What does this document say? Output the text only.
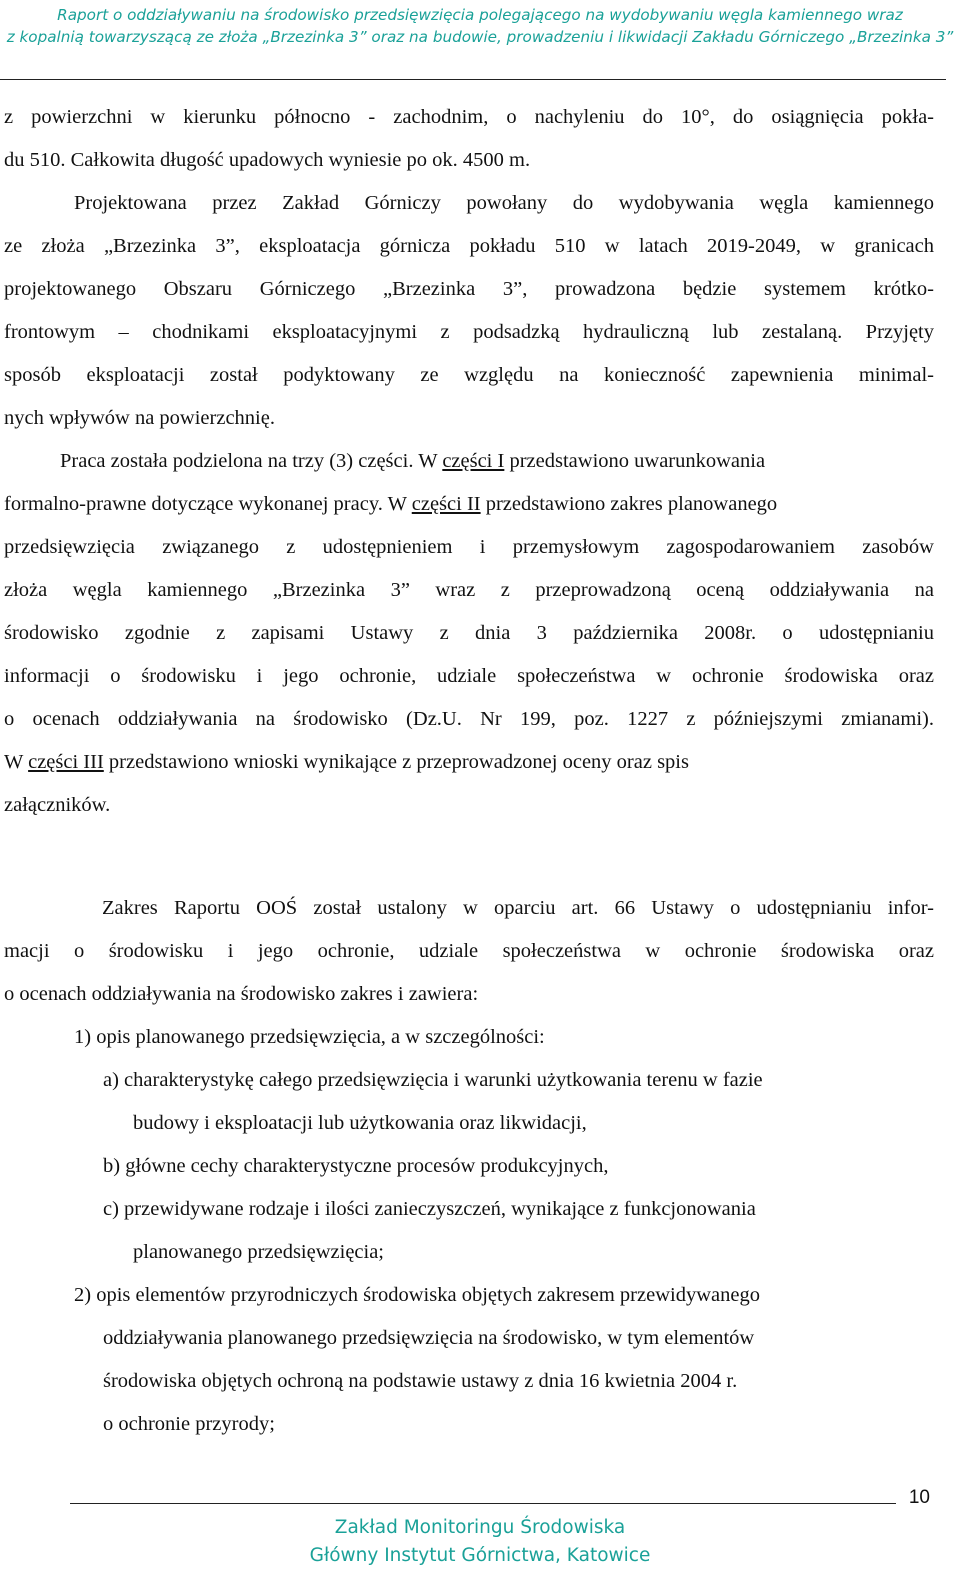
Raport o oddziaływaniu na środowisko przedsięwzięcia polegającego na wydobywaniu węgla kamiennego wraz
z kopalnią towarzyszącą ze złoża „Brzezinka 3” oraz na budowie, prowadzeniu i likwidacji Zakładu Górniczego „Brzezinka 3”
z powierzchni w kierunku północno - zachodnim, o nachyleniu do 10°, do osiągnięcia pokła-
du 510. Całkowita długość upadowych wyniesie po ok. 4500 m.
Projektowana przez Zakład Górniczy powołany do wydobywania węgla kamiennego
ze złoża „Brzezinka 3”, eksploatacja górnicza pokładu 510 w latach 2019-2049, w granicach
projektowanego Obszaru Górniczego „Brzezinka 3”, prowadzona będzie systemem krótko-
frontowym – chodnikami eksploatacyjnymi z podsadzką hydrauliczną lub zestalaną. Przyjęty
sposób eksploatacji został podyktowany ze względu na konieczność zapewnienia minimal-
nych wpływów na powierzchnię.
Praca została podzielona na trzy (3) części. W części I przedstawiono uwarunkowania
formalno-prawne dotyczące wykonanej pracy. W części II przedstawiono zakres planowanego
przedsięwzięcia związanego z udostępnieniem i przemysłowym zagospodarowaniem zasobów
złoża węgla kamiennego „Brzezinka 3” wraz z przeprowadzoną oceną oddziaływania na
środowisko zgodnie z zapisami Ustawy z dnia 3 października 2008r. o udostępnianiu
informacji o środowisku i jego ochronie, udziale społeczeństwa w ochronie środowiska oraz
o ocenach oddziaływania na środowisko (Dz.U. Nr 199, poz. 1227 z późniejszymi zmianami).
W części III przedstawiono wnioski wynikające z przeprowadzonej oceny oraz spis
załączników.
Zakres Raportu OOŚ został ustalony w oparciu art. 66 Ustawy o udostępnianiu infor-
macji o środowisku i jego ochronie, udziale społeczeństwa w ochronie środowiska oraz
o ocenach oddziaływania na środowisko zakres i zawiera:
1) opis planowanego przedsięwzięcia, a w szczególności:
a) charakterystykę całego przedsięwzięcia i warunki użytkowania terenu w fazie
budowy i eksploatacji lub użytkowania oraz likwidacji,
b) główne cechy charakterystyczne procesów produkcyjnych,
c) przewidywane rodzaje i ilości zanieczyszczeń, wynikające z funkcjonowania
planowanego przedsięwzięcia;
2) opis elementów przyrodniczych środowiska objętych zakresem przewidywanego
oddziaływania planowanego przedsięwzięcia na środowisko, w tym elementów
środowiska objętych ochroną na podstawie ustawy z dnia 16 kwietnia 2004 r.
o ochronie przyrody;
10
Zakład Monitoringu Środowiska
Główny Instytut Górnictwa, Katowice
